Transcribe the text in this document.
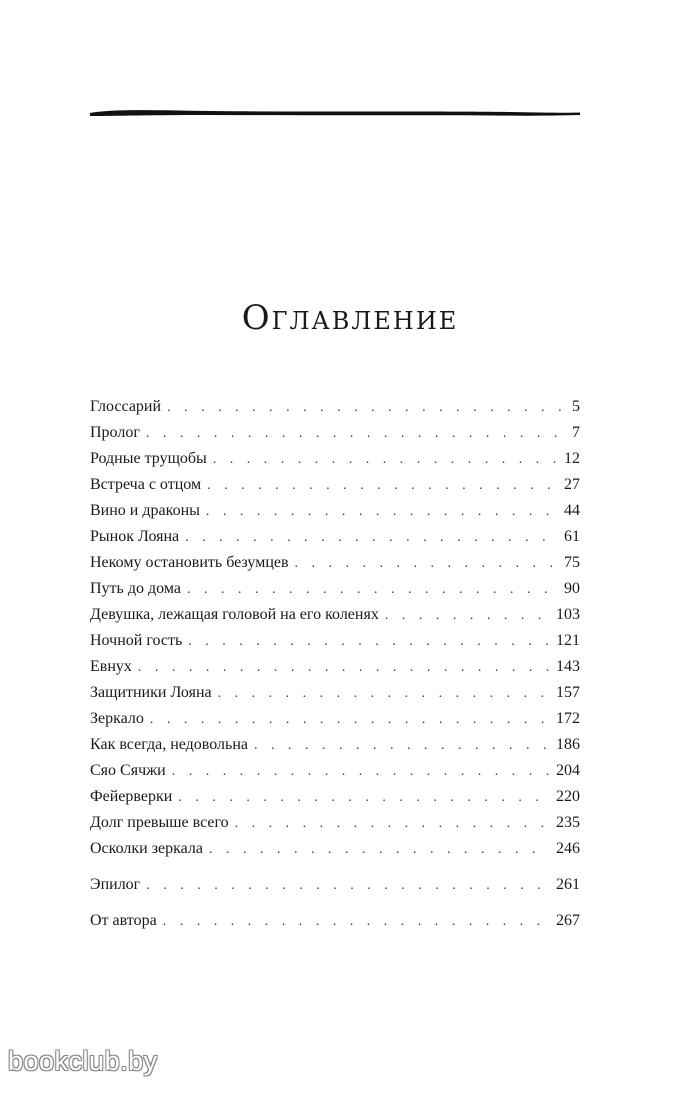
Оглавление
Глоссарий . . .	5
Пролог . . .	7
Родные трущобы . . .	12
Встреча с отцом . . .	27
Вино и драконы . . .	44
Рынок Лояна . . .	61
Некому остановить безумцев . . .	75
Путь до дома . . .	90
Девушка, лежащая головой на его коленях . . .	103
Ночной гость . . .	121
Евнух . . .	143
Защитники Лояна . . .	157
Зеркало . . .	172
Как всегда, недовольна . . .	186
Сяо Сячжи . . .	204
Фейерверки . . .	220
Долг превыше всего . . .	235
Осколки зеркала . . .	246
Эпилог . . .	261
От автора . . .	267
bookclub.by
